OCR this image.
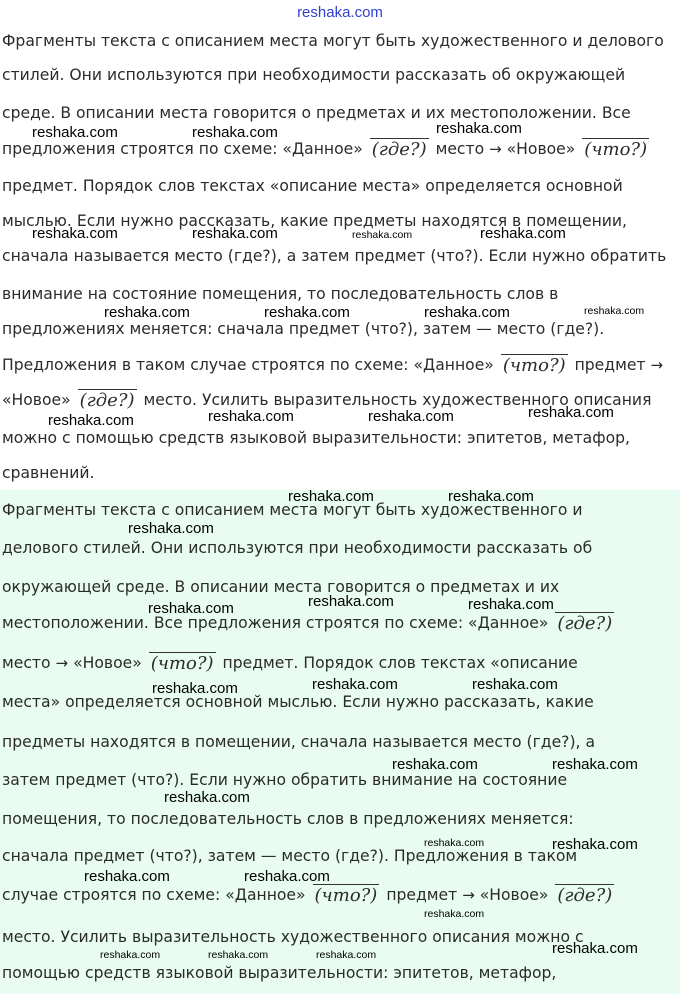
reshaka.com
Фрагменты текста с описанием места могут быть художественного и делового
стилей. Они используются при необходимости рассказать об окружающей
среде. В описании места говорится о предметах и их местоположении. Все
предложения строятся по схеме: «Данное» (где?) место → «Новое» (что?)
предмет. Порядок слов текстах «описание места» определяется основной
мыслью. Если нужно рассказать, какие предметы находятся в помещении,
сначала называется место (где?), а затем предмет (что?). Если нужно обратить
внимание на состояние помещения, то последовательность слов в
предложениях меняется: сначала предмет (что?), затем — место (где?).
Предложения в таком случае строятся по схеме: «Данное» (что?) предмет →
«Новое» (где?) место. Усилить выразительность художественного описания
можно с помощью средств языковой выразительности: эпитетов, метафор,
сравнений.
Фрагменты текста с описанием места могут быть художественного и
делового стилей. Они используются при необходимости рассказать об
окружающей среде. В описании места говорится о предметах и их
местоположении. Все предложения строятся по схеме: «Данное» (где?)
место → «Новое» (что?) предмет. Порядок слов текстах «описание
места» определяется основной мыслью. Если нужно рассказать, какие
предметы находятся в помещении, сначала называется место (где?), а
затем предмет (что?). Если нужно обратить внимание на состояние
помещения, то последовательность слов в предложениях меняется:
сначала предмет (что?), затем — место (где?). Предложения в таком
случае строятся по схеме: «Данное» (что?) предмет → «Новое» (где?)
место. Усилить выразительность художественного описания можно с
помощью средств языковой выразительности: эпитетов, метафор,
reshaka.com	reshaka.com	reshaka.com
reshaka.com	reshaka.com	reshaka.com	reshaka.com
reshaka.com	reshaka.com	reshaka.com	reshaka.com
reshaka.com	reshaka.com	reshaka.com	reshaka.com
reshaka.com	reshaka.com
reshaka.com
reshaka.com	reshaka.com
reshaka.com
reshaka.com	reshaka.com	reshaka.com
reshaka.com	reshaka.com
reshaka.com
reshaka.com	reshaka.com
reshaka.com	reshaka.com
reshaka.com
reshaka.com
reshaka.com	reshaka.com	reshaka.com
